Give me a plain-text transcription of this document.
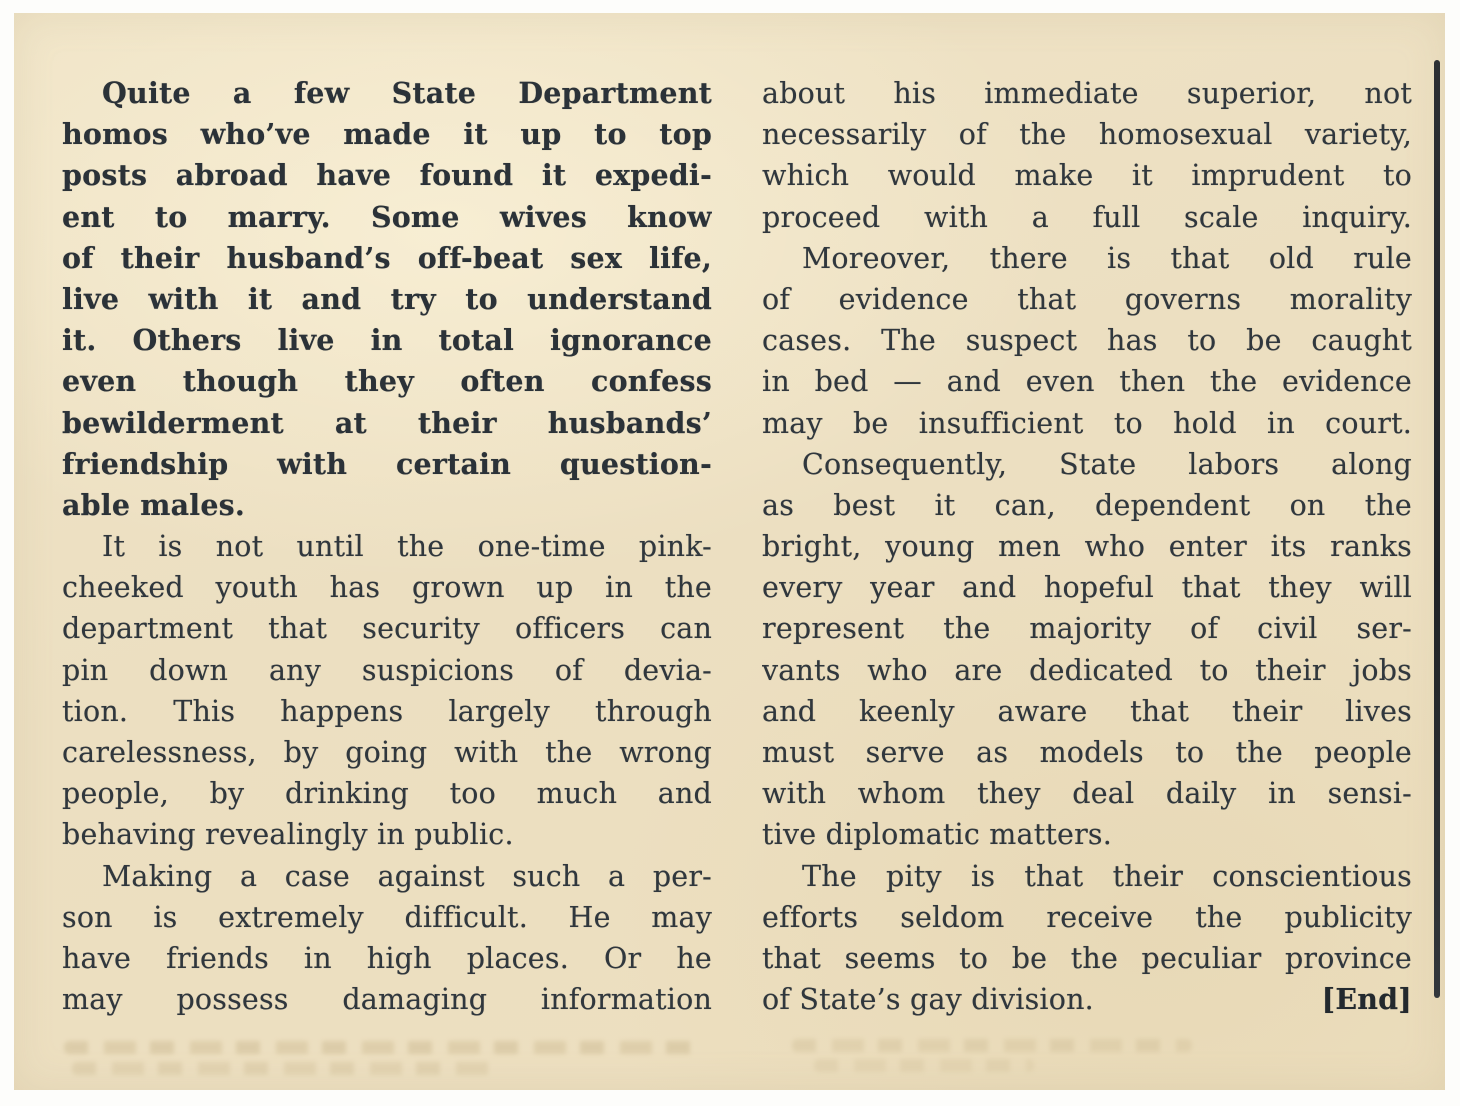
Quite a few State Department
homos who’ve made it up to top
posts abroad have found it expedi-
ent to marry. Some wives know
of their husband’s off-beat sex life,
live with it and try to understand
it. Others live in total ignorance
even though they often confess
bewilderment at their husbands’
friendship with certain question-
able males.
It is not until the one-time pink-
cheeked youth has grown up in the
department that security officers can
pin down any suspicions of devia-
tion. This happens largely through
carelessness, by going with the wrong
people, by drinking too much and
behaving revealingly in public.
Making a case against such a per-
son is extremely difficult. He may
have friends in high places. Or he
may possess damaging information
about his immediate superior, not
necessarily of the homosexual variety,
which would make it imprudent to
proceed with a full scale inquiry.
Moreover, there is that old rule
of evidence that governs morality
cases. The suspect has to be caught
in bed — and even then the evidence
may be insufficient to hold in court.
Consequently, State labors along
as best it can, dependent on the
bright, young men who enter its ranks
every year and hopeful that they will
represent the majority of civil ser-
vants who are dedicated to their jobs
and keenly aware that their lives
must serve as models to the people
with whom they deal daily in sensi-
tive diplomatic matters.
The pity is that their conscientious
efforts seldom receive the publicity
that seems to be the peculiar province
of State’s gay division.	[End]
